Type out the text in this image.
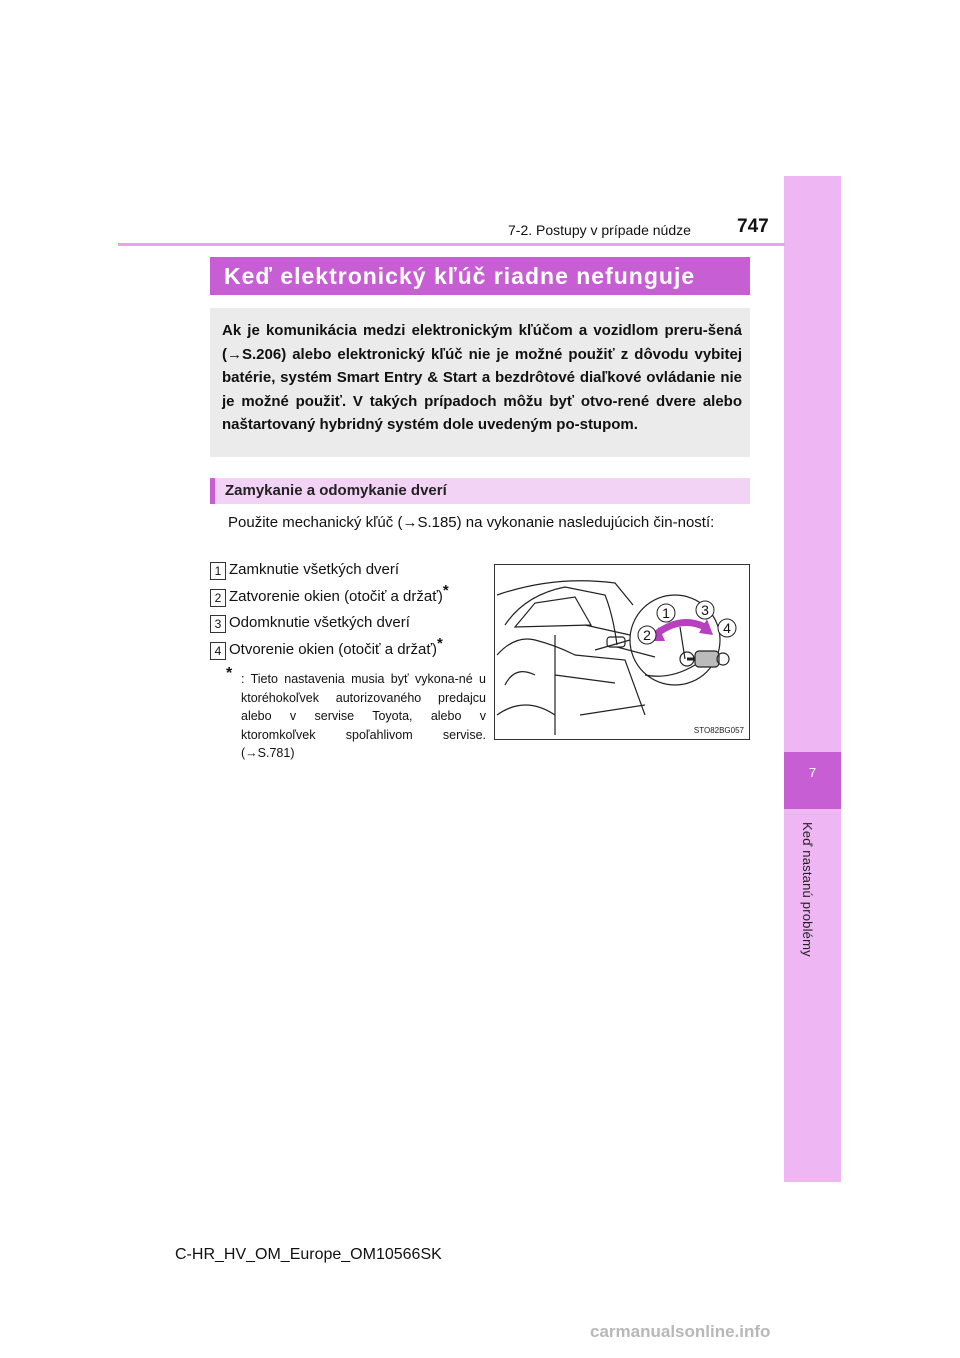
7
Keď nastanú problémy
7-2. Postupy v prípade núdze 747
Keď elektronický kľúč riadne nefunguje
Ak je komunikácia medzi elektronickým kľúčom a vozidlom preru-šená (→S.206) alebo elektronický kľúč nie je možné použiť z dôvodu vybitej batérie, systém Smart Entry & Start a bezdrôtové diaľkové ovládanie nie je možné použiť. V takých prípadoch môžu byť otvo-rené dvere alebo naštartovaný hybridný systém dole uvedeným po-stupom.
Zamykanie a odomykanie dverí
Použite mechanický kľúč (→S.185) na vykonanie nasledujúcich čin-ností:
1 Zamknutie všetkých dverí
2 Zatvorenie okien (otočiť a držať)*
3 Odomknutie všetkých dverí
4 Otvorenie okien (otočiť a držať)*
* : Tieto nastavenia musia byť vykona-né u ktoréhokoľvek autorizovaného predajcu alebo v servise Toyota, alebo v ktoromkoľvek spoľahlivom servise. (→S.781)
1
2
3
4
STO82BG057
C-HR_HV_OM_Europe_OM10566SK
carmanualsonline.info
